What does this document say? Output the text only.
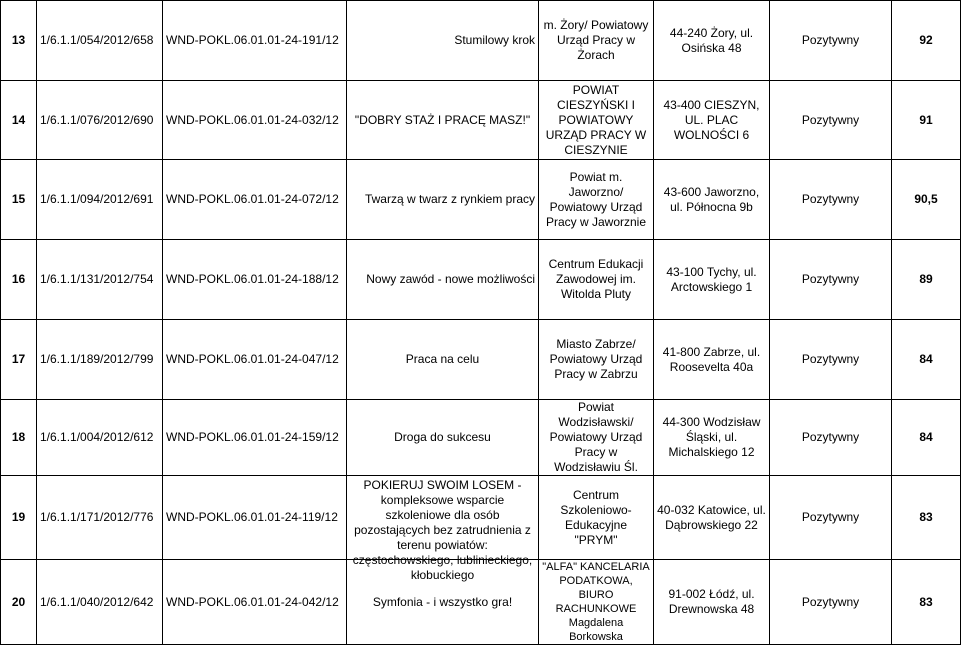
13	1/6.1.1/054/2012/658	WND-POKL.06.01.01-24-191/12	Stumilowy krok	m. Żory/ Powiatowy Urząd Pracy w Żorach	44-240 Żory, ul. Osińska 48	Pozytywny	92
14	1/6.1.1/076/2012/690	WND-POKL.06.01.01-24-032/12	"DOBRY STAŻ I PRACĘ MASZ!"	POWIAT CIESZYŃSKI I POWIATOWY URZĄD PRACY W CIESZYNIE	43-400 CIESZYN, UL. PLAC WOLNOŚCI 6	Pozytywny	91
15	1/6.1.1/094/2012/691	WND-POKL.06.01.01-24-072/12	Twarzą w twarz z rynkiem pracy	Powiat m. Jaworzno/ Powiatowy Urząd Pracy w Jaworznie	43-600 Jaworzno, ul. Północna 9b	Pozytywny	90,5
16	1/6.1.1/131/2012/754	WND-POKL.06.01.01-24-188/12	Nowy zawód - nowe możliwości	Centrum Edukacji Zawodowej im. Witolda Pluty	43-100 Tychy, ul. Arctowskiego 1	Pozytywny	89
17	1/6.1.1/189/2012/799	WND-POKL.06.01.01-24-047/12	Praca na celu	Miasto Zabrze/ Powiatowy Urząd Pracy w Zabrzu	41-800 Zabrze, ul. Roosevelta 40a	Pozytywny	84
18	1/6.1.1/004/2012/612	WND-POKL.06.01.01-24-159/12	Droga do sukcesu	Powiat Wodzisławski/ Powiatowy Urząd Pracy w Wodzisławiu Śl.	44-300 Wodzisław Śląski, ul. Michalskiego 12	Pozytywny	84
19	1/6.1.1/171/2012/776	WND-POKL.06.01.01-24-119/12	POKIERUJ SWOIM LOSEM - kompleksowe wsparcie szkoleniowe dla osób pozostających bez zatrudnienia z terenu powiatów: częstochowskiego, lublinieckiego, kłobuckiego	Centrum Szkoleniowo-Edukacyjne "PRYM"	40-032 Katowice, ul. Dąbrowskiego 22	Pozytywny	83
20	1/6.1.1/040/2012/642	WND-POKL.06.01.01-24-042/12	Symfonia - i wszystko gra!	"ALFA" KANCELARIA PODATKOWA, BIURO RACHUNKOWE Magdalena Borkowska	91-002 Łódź, ul. Drewnowska 48	Pozytywny	83
